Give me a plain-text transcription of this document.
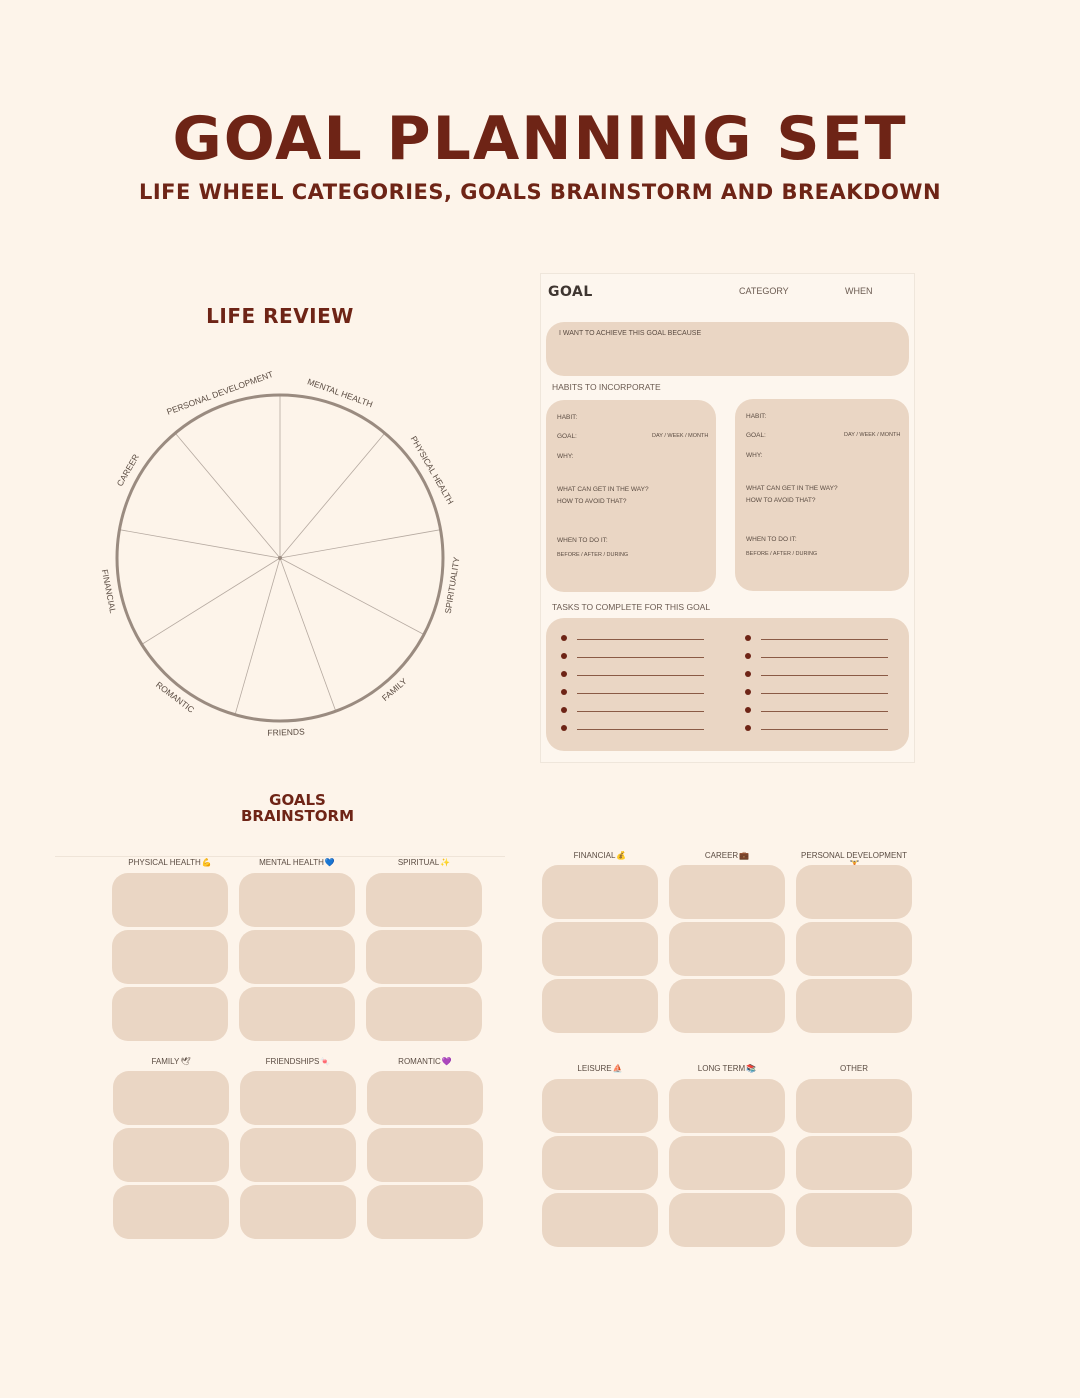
GOAL PLANNING SET
LIFE WHEEL CATEGORIES, GOALS BRAINSTORM AND BREAKDOWN
LIFE REVIEW
MENTAL HEALTH
PHYSICAL HEALTH
SPIRITUALITY
FAMILY
FRIENDS
ROMANTIC
FINANCIAL
CAREER
PERSONAL DEVELOPMENT
GOAL	CATEGORY	WHEN
I WANT TO ACHIEVE THIS GOAL BECAUSE
HABITS TO INCORPORATE
HABIT:
GOAL:	DAY / WEEK / MONTH
WHY:
WHAT CAN GET IN THE WAY?
HOW TO AVOID THAT?
WHEN TO DO IT:
BEFORE / AFTER / DURING
HABIT:
GOAL:	DAY / WEEK / MONTH
WHY:
WHAT CAN GET IN THE WAY?
HOW TO AVOID THAT?
WHEN TO DO IT:
BEFORE / AFTER / DURING
TASKS TO COMPLETE FOR THIS GOAL
GOALS
BRAINSTORM
PHYSICAL HEALTH💪	MENTAL HEALTH💙	SPIRITUAL✨
FAMILY🕊	FRIENDSHIPS🍬	ROMANTIC💜
FINANCIAL💰	CAREER💼	PERSONAL DEVELOPMENT
LEISURE⛵	LONG TERM📚	OTHER
